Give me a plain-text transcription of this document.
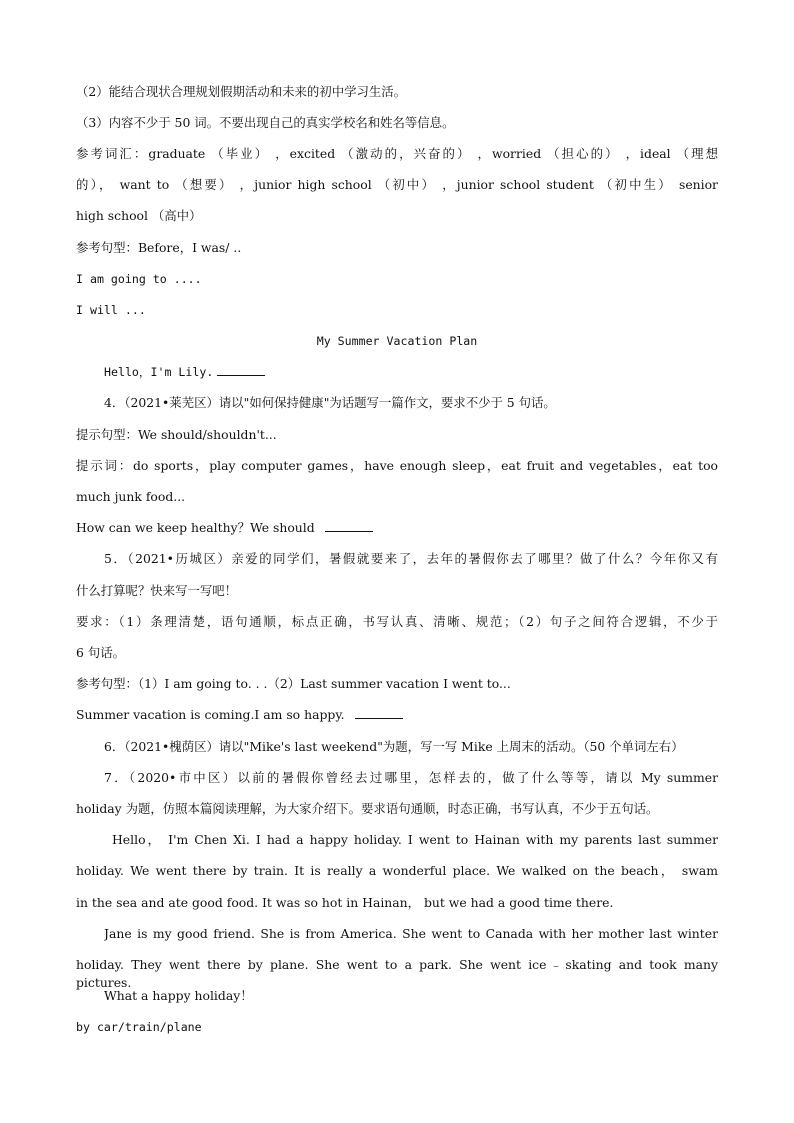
（2）能结合现状合理规划假期活动和未来的初中学习生活。
（3）内容不少于 50 词。不要出现自己的真实学校名和姓名等信息。
参考词汇：graduate （毕业） ，excited （激动的，兴奋的） ，worried （担心的） ，ideal （理想
的）， want to （想要） ，junior high school （初中） ，junior school student （初中生） senior
high school （高中）
参考句型：Before，I was/ ..
I am going to ....
I will ...
My Summer Vacation Plan
Hello，I'm Lily.
4．（2021•莱芜区）请以"如何保持健康"为话题写一篇作文，要求不少于 5 句话。
提示句型：We should/shouldn't...
提示词：do sports，play computer games，have enough sleep，eat fruit and vegetables，eat too
much junk food...
How can we keep healthy？We should
5．（2021•历城区）亲爱的同学们，暑假就要来了，去年的暑假你去了哪里？做了什么？今年你又有
什么打算呢？快来写一写吧！
要求：（1）条理清楚，语句通顺，标点正确，书写认真、清晰、规范；（2）句子之间符合逻辑，不少于
6 句话。
参考句型：（1）I am going to. . .（2）Last summer vacation I went to...
Summer vacation is coming.I am so happy.
6．（2021•槐荫区）请以"Mike's last weekend"为题，写一写 Mike 上周末的活动。（50 个单词左右）
7．（2020•市中区）以前的暑假你曾经去过哪里，怎样去的，做了什么等等，请以 My summer
holiday 为题，仿照本篇阅读理解，为大家介绍下。要求语句通顺，时态正确，书写认真，不少于五句话。
Hello， I'm Chen Xi. I had a happy holiday. I went to Hainan with my parents last summer
holiday. We went there by train. It is really a wonderful place. We walked on the beach， swam
in the sea and ate good food. It was so hot in Hainan， but we had a good time there.
Jane is my good friend. She is from America. She went to Canada with her mother last winter
holiday. They went there by plane. She went to a park. She went ice﹣skating and took many pictures.
What a happy holiday！
by car/train/plane
